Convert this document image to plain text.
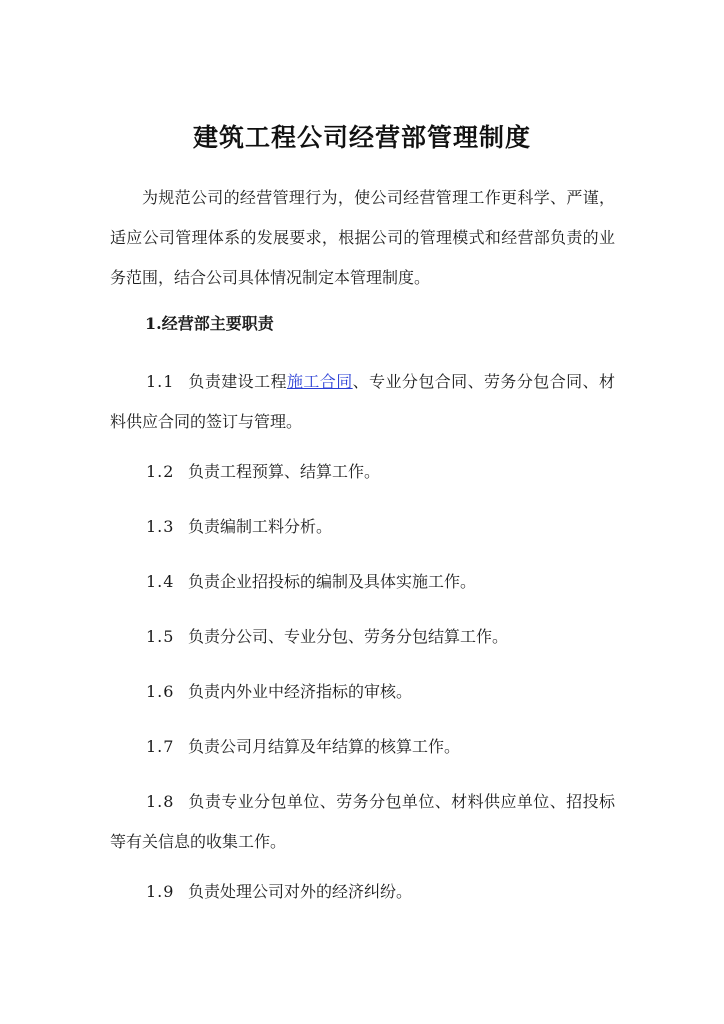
建筑工程公司经营部管理制度

为规范公司的经营管理行为，使公司经营管理工作更科学、严谨，适应公司管理体系的发展要求，根据公司的管理模式和经营部负责的业务范围，结合公司具体情况制定本管理制度。

1.经营部主要职责

1.1 负责建设工程施工合同、专业分包合同、劳务分包合同、材料供应合同的签订与管理。

1.2 负责工程预算、结算工作。

1.3 负责编制工料分析。

1.4 负责企业招投标的编制及具体实施工作。

1.5 负责分公司、专业分包、劳务分包结算工作。

1.6 负责内外业中经济指标的审核。

1.7 负责公司月结算及年结算的核算工作。

1.8 负责专业分包单位、劳务分包单位、材料供应单位、招投标等有关信息的收集工作。

1.9 负责处理公司对外的经济纠纷。
